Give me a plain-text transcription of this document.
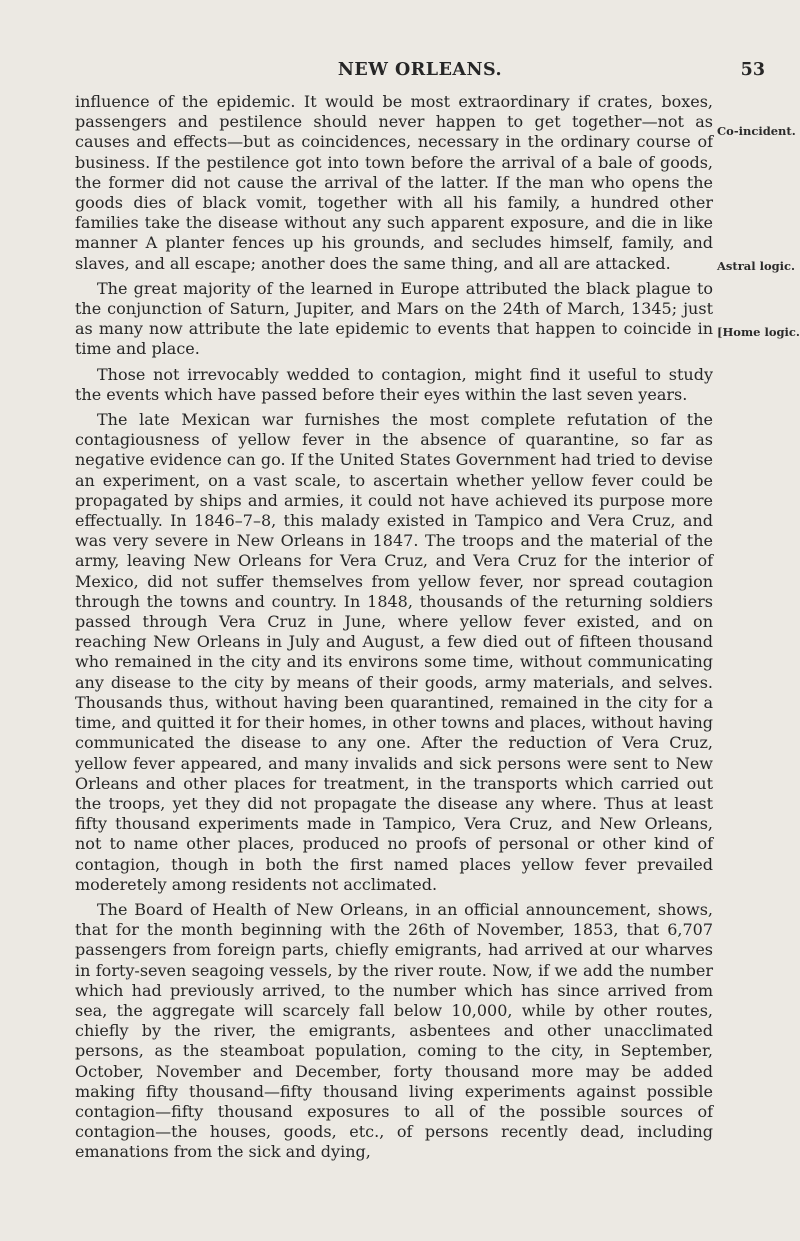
NEW ORLEANS.	53

influence of the epidemic. It would be most extraordinary if crates, boxes, passengers and pestilence should never happen to get together—not as causes and effects—but as coincidences, necessary in the ordinary course of business. If the pestilence got into town before the arrival of a bale of goods, the former did not cause the arrival of the latter. If the man who opens the goods dies of black vomit, together with all his family, a hundred other families take the disease without any such apparent exposure, and die in like manner A planter fences up his grounds, and secludes himself, family, and slaves, and all escape; another does the same thing, and all are attacked.

The great majority of the learned in Europe attributed the black plague to the conjunction of Saturn, Jupiter, and Mars on the 24th of March, 1345; just as many now attribute the late epidemic to events that happen to coincide in time and place.

Those not irrevocably wedded to contagion, might find it useful to study the events which have passed before their eyes within the last seven years.

The late Mexican war furnishes the most complete refutation of the contagiousness of yellow fever in the absence of quarantine, so far as negative evidence can go. If the United States Government had tried to devise an experiment, on a vast scale, to ascertain whether yellow fever could be propagated by ships and armies, it could not have achieved its purpose more effectually. In 1846–7–8, this malady existed in Tampico and Vera Cruz, and was very severe in New Orleans in 1847. The troops and the material of the army, leaving New Orleans for Vera Cruz, and Vera Cruz for the interior of Mexico, did not suffer themselves from yellow fever, nor spread coutagion through the towns and country. In 1848, thousands of the returning soldiers passed through Vera Cruz in June, where yellow fever existed, and on reaching New Orleans in July and August, a few died out of fifteen thousand who remained in the city and its environs some time, without communicating any disease to the city by means of their goods, army materials, and selves. Thousands thus, without having been quarantined, remained in the city for a time, and quitted it for their homes, in other towns and places, without having communicated the disease to any one. After the reduction of Vera Cruz, yellow fever appeared, and many invalids and sick persons were sent to New Orleans and other places for treatment, in the transports which carried out the troops, yet they did not propagate the disease any where. Thus at least fifty thousand experiments made in Tampico, Vera Cruz, and New Orleans, not to name other places, produced no proofs of personal or other kind of contagion, though in both the first named places yellow fever prevailed moderetely among residents not acclimated.

The Board of Health of New Orleans, in an official announcement, shows, that for the month beginning with the 26th of November, 1853, that 6,707 passengers from foreign parts, chiefly emigrants, had arrived at our wharves in forty-seven seagoing vessels, by the river route. Now, if we add the number which had previously arrived, to the number which has since arrived from sea, the aggregate will scarcely fall below 10,000, while by other routes, chiefly by the river, the emigrants, asbentees and other unacclimated persons, as the steamboat population, coming to the city, in September, October, November and December, forty thousand more may be added making fifty thousand—fifty thousand living experiments against possible contagion—fifty thousand exposures to all of the possible sources of contagion—the houses, goods, etc., of persons recently dead, including emanations from the sick and dying,

Co-incident.
Astral logic.
[Home logic.
